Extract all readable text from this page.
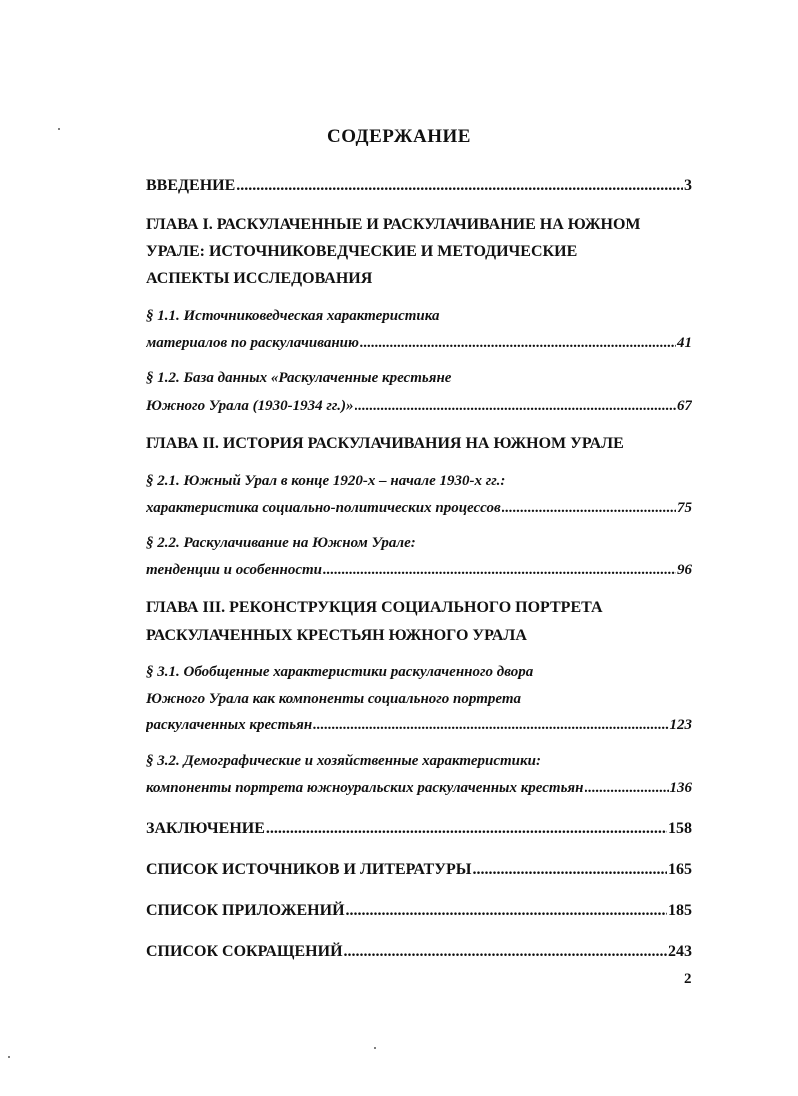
СОДЕРЖАНИЕ
ВВЕДЕНИЕ .....	3
ГЛАВА I. РАСКУЛАЧЕННЫЕ И РАСКУЛАЧИВАНИЕ НА ЮЖНОМ
УРАЛЕ: ИСТОЧНИКОВЕДЧЕСКИЕ И МЕТОДИЧЕСКИЕ
АСПЕКТЫ ИССЛЕДОВАНИЯ
§ 1.1. Источниковедческая характеристика
материалов по раскулачиванию .....	41
§ 1.2. База данных «Раскулаченные крестьяне
Южного Урала (1930-1934 гг.)» .....	67
ГЛАВА II. ИСТОРИЯ РАСКУЛАЧИВАНИЯ НА ЮЖНОМ УРАЛЕ
§ 2.1. Южный Урал в конце 1920-х – начале 1930-х гг.:
характеристика социально-политических процессов .....	75
§ 2.2. Раскулачивание на Южном Урале:
тенденции и особенности .....	96
ГЛАВА III. РЕКОНСТРУКЦИЯ СОЦИАЛЬНОГО ПОРТРЕТА
РАСКУЛАЧЕННЫХ КРЕСТЬЯН ЮЖНОГО УРАЛА
§ 3.1. Обобщенные характеристики раскулаченного двора
Южного Урала как компоненты социального портрета
раскулаченных крестьян .....	123
§ 3.2. Демографические и хозяйственные характеристики:
компоненты портрета южноуральских раскулаченных крестьян .....	136
ЗАКЛЮЧЕНИЕ .....	158
СПИСОК ИСТОЧНИКОВ И ЛИТЕРАТУРЫ .....	165
СПИСОК ПРИЛОЖЕНИЙ .....	185
СПИСОК СОКРАЩЕНИЙ .....	243
2
